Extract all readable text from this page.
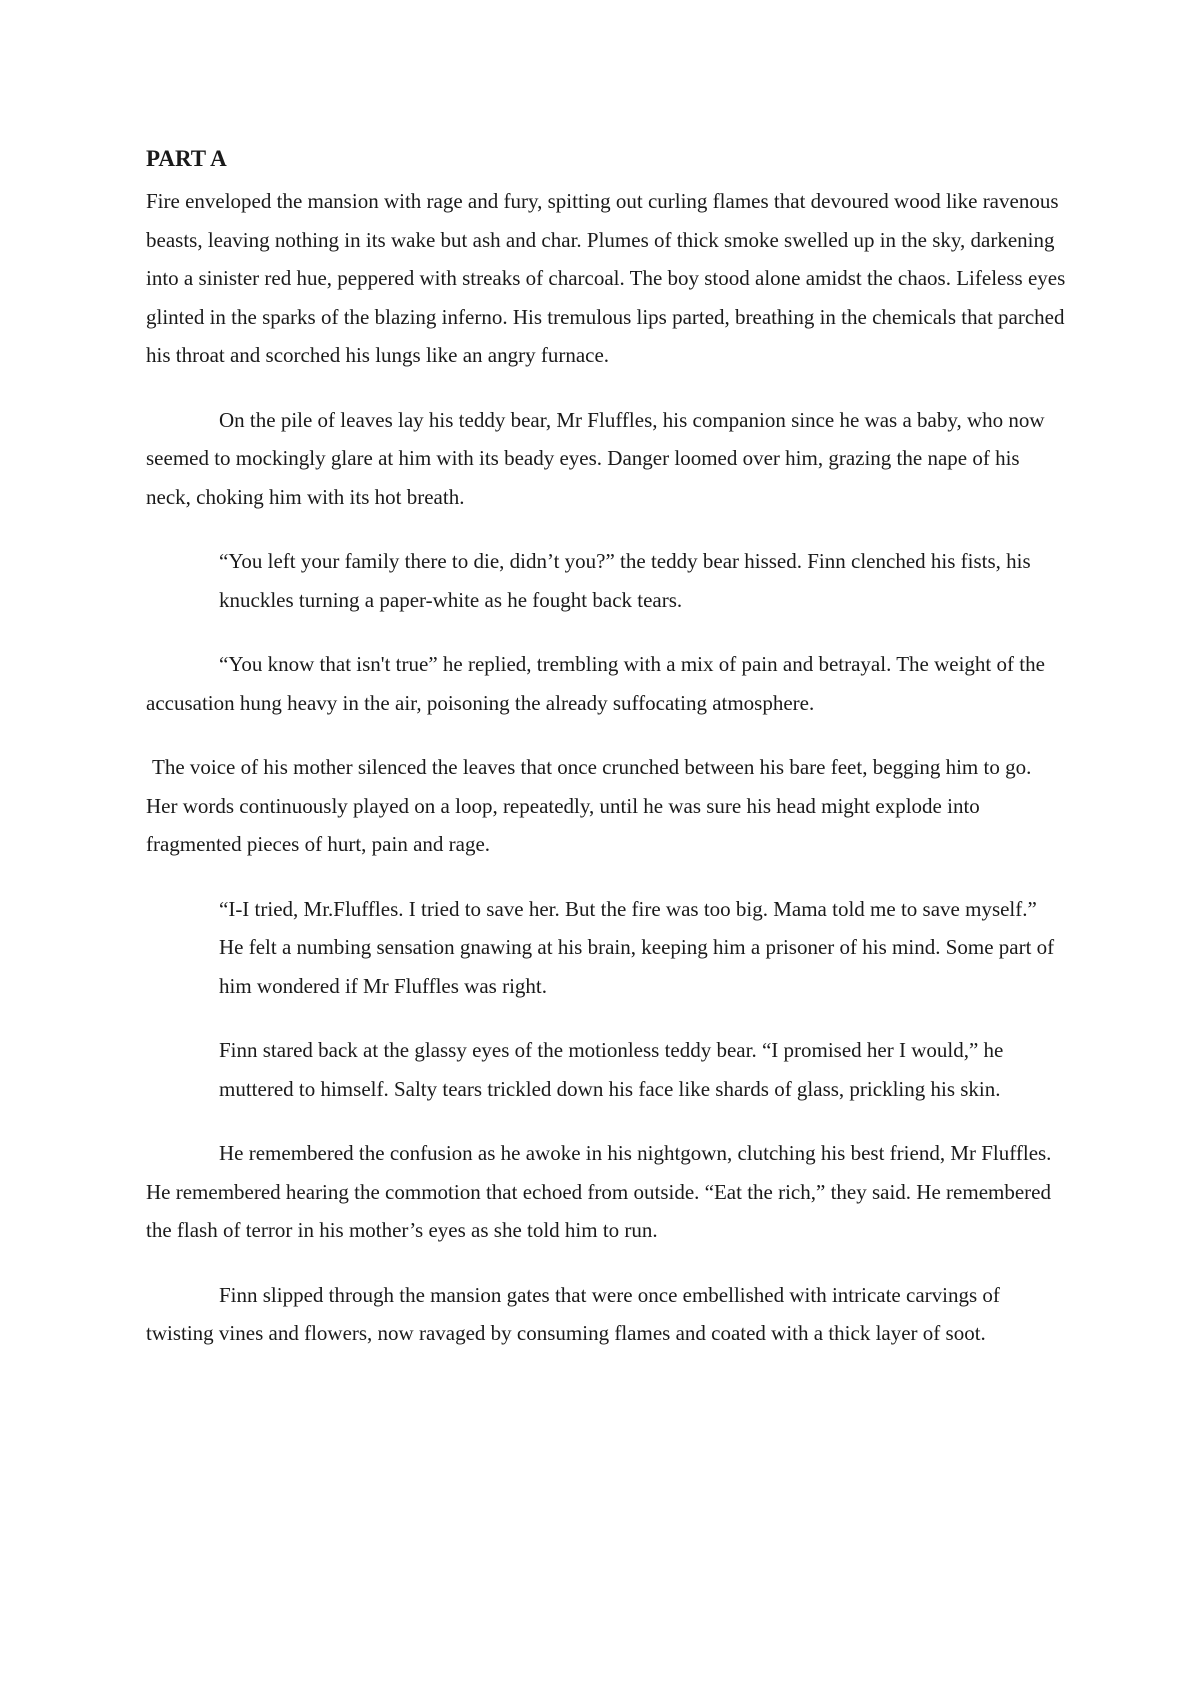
PART A

Fire enveloped the mansion with rage and fury, spitting out curling flames that devoured wood like ravenous beasts, leaving nothing in its wake but ash and char. Plumes of thick smoke swelled up in the sky, darkening into a sinister red hue, peppered with streaks of charcoal. The boy stood alone amidst the chaos. Lifeless eyes glinted in the sparks of the blazing inferno. His tremulous lips parted, breathing in the chemicals that parched his throat and scorched his lungs like an angry furnace.

On the pile of leaves lay his teddy bear, Mr Fluffles, his companion since he was a baby, who now seemed to mockingly glare at him with its beady eyes. Danger loomed over him, grazing the nape of his neck, choking him with its hot breath.

“You left your family there to die, didn’t you?” the teddy bear hissed. Finn clenched his fists, his knuckles turning a paper-white as he fought back tears.

“You know that isn't true” he replied, trembling with a mix of pain and betrayal. The weight of the accusation hung heavy in the air, poisoning the already suffocating atmosphere.

The voice of his mother silenced the leaves that once crunched between his bare feet, begging him to go. Her words continuously played on a loop, repeatedly, until he was sure his head might explode into fragmented pieces of hurt, pain and rage.

“I-I tried, Mr.Fluffles. I tried to save her. But the fire was too big. Mama told me to save myself.” He felt a numbing sensation gnawing at his brain, keeping him a prisoner of his mind. Some part of him wondered if Mr Fluffles was right.

Finn stared back at the glassy eyes of the motionless teddy bear. “I promised her I would,” he muttered to himself. Salty tears trickled down his face like shards of glass, prickling his skin.

He remembered the confusion as he awoke in his nightgown, clutching his best friend, Mr Fluffles. He remembered hearing the commotion that echoed from outside. “Eat the rich,” they said. He remembered the flash of terror in his mother’s eyes as she told him to run.

Finn slipped through the mansion gates that were once embellished with intricate carvings of twisting vines and flowers, now ravaged by consuming flames and coated with a thick layer of soot.
